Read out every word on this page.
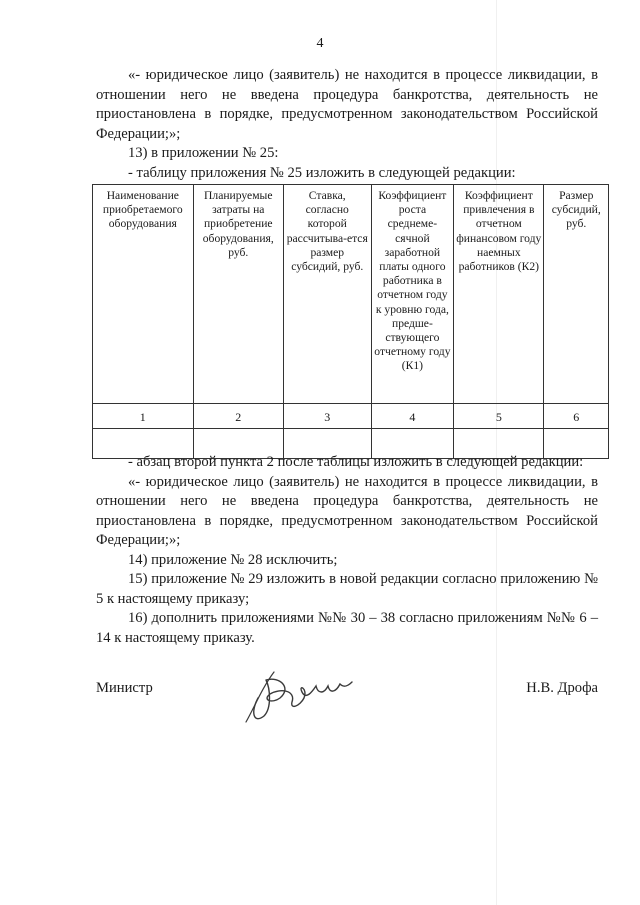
4
«- юридическое лицо (заявитель) не находится в процессе ликвидации, в отношении него не введена процедура банкротства, деятельность не приостановлена в порядке, предусмотренном законодательством Российской Федерации;»;
13) в приложении № 25:
- таблицу приложения № 25 изложить в следующей редакции:
Наименование приобретаемого оборудования	Планируемые затраты на приобретение оборудования, руб.	Ставка, согласно которой рассчитыва-ется размер субсидий, руб.	Коэффициент роста среднеме-сячной заработной платы одного работника в отчетном году к уровню года, предше-ствующего отчетному году (К1)	Коэффициент привлечения в отчетном финансовом году наемных работников (К2)	Размер субсидий, руб.
1	2	3	4	5	6

- абзац второй пункта 2 после таблицы изложить в следующей редакции:
«- юридическое лицо (заявитель) не находится в процессе ликвидации, в отношении него не введена процедура банкротства, деятельность не приостановлена в порядке, предусмотренном законодательством Российской Федерации;»;
14) приложение № 28 исключить;
15) приложение № 29 изложить в новой редакции согласно приложению № 5 к настоящему приказу;
16) дополнить приложениями №№ 30 – 38 согласно приложениям №№ 6 – 14 к настоящему приказу.
Министр	Н.В. Дрофа
